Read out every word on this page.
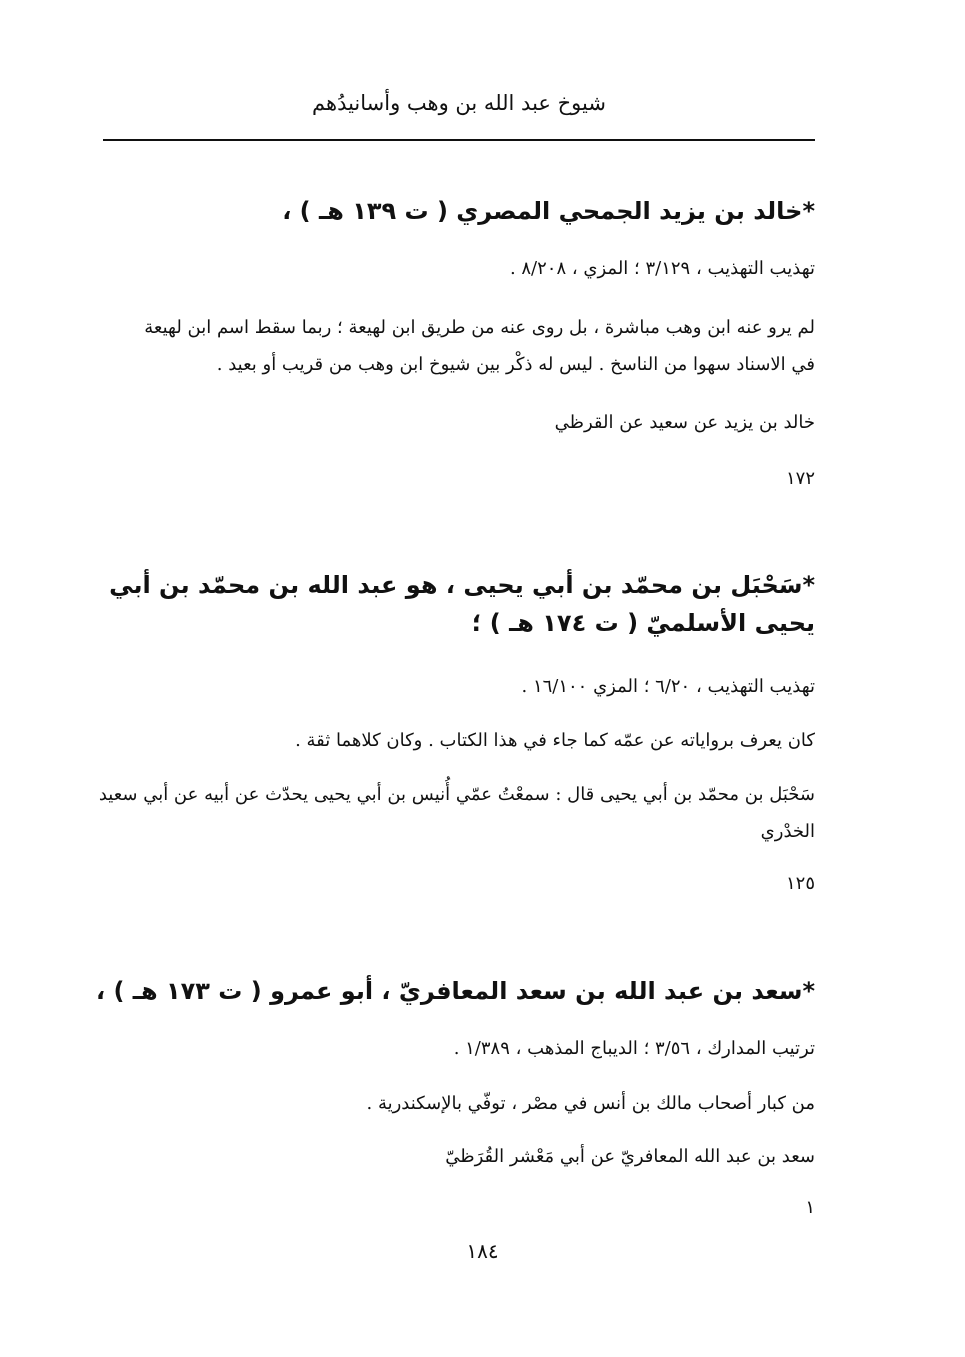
شيوخ عبد الله بن وهب وأسانيدُهم
*خالد بن يزيد الجمحي المصري ( ت ١٣٩ هـ ) ،
تهذيب التهذيب ، ٣/١٢٩ ؛ المزي ، ٨/٢٠٨ .
لم يرو عنه ابن وهب مباشرة ، بل روى عنه من طريق ابن لهيعة ؛ ربما سقط اسم ابن لهيعة في الاسناد سهوا من الناسخ . ليس له ذكْر بين شيوخ ابن وهب من قريب أو بعيد .
خالد بن يزيد عن سعيد عن القرظي
١٧٢
*سَحْبَل بن محمّد بن أبي يحيى ، هو عبد الله بن محمّد بن أبي يحيى الأسلميّ ( ت ١٧٤ هـ ) ؛
تهذيب التهذيب ، ٦/٢٠ ؛ المزي ١٦/١٠٠ .
كان يعرف برواياته عن عمّه كما جاء في هذا الكتاب . وكان كلاهما ثقة .
سَحْبَل بن محمّد بن أبي يحيى قال : سمعْتُ عمّي أُنيس بن أبي يحيى يحدّث عن أبيه عن أبي سعيد الخدْري
١٢٥
*سعد بن عبد الله بن سعد المعافريّ ، أبو عمرو ( ت ١٧٣ هـ ) ،
ترتيب المدارك ، ٣/٥٦ ؛ الديباج المذهب ، ١/٣٨٩ .
من كبار أصحاب مالك بن أنس في مصْر ، توفّي بالإسكندرية .
سعد بن عبد الله المعافريّ عن أبي مَعْشر القُرَظيّ
١
١٨٤
